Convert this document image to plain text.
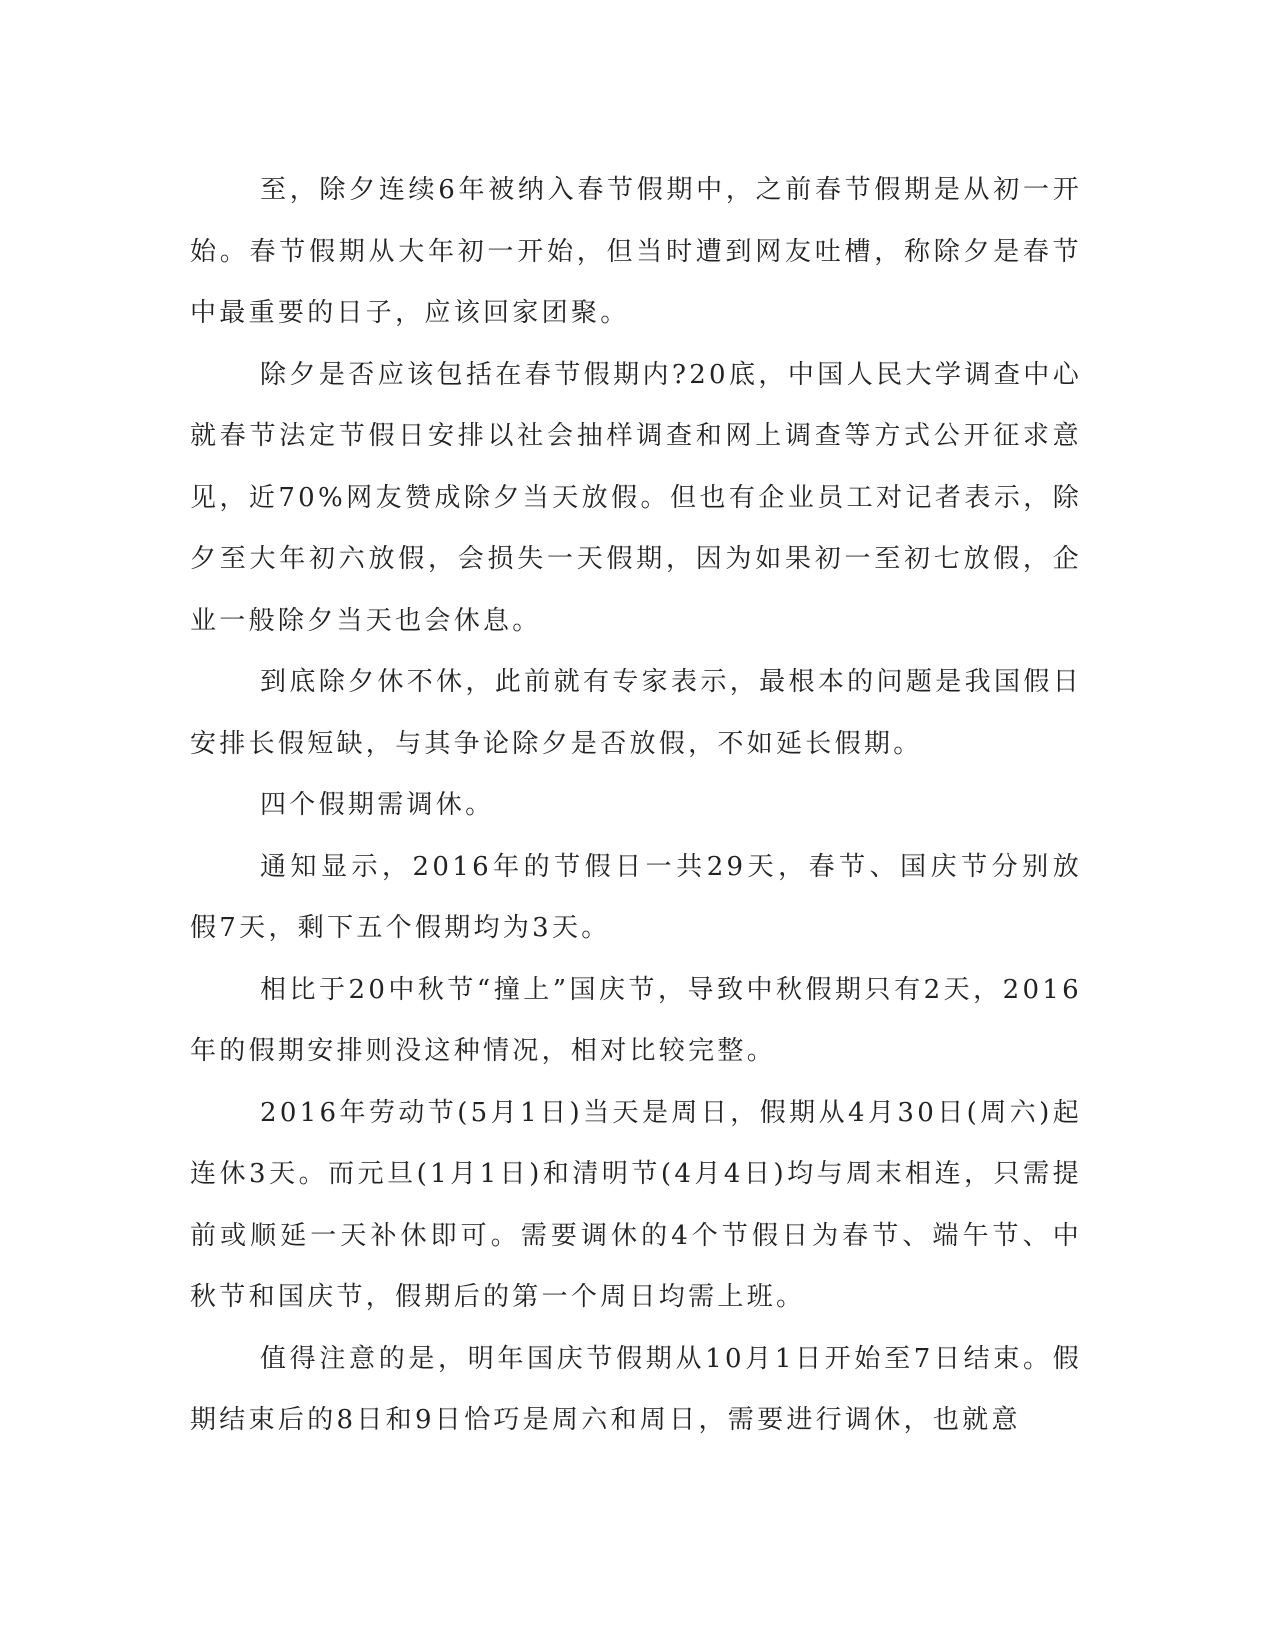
至，除夕连续6年被纳入春节假期中，之前春节假期是从初一开始。春节假期从大年初一开始，但当时遭到网友吐槽，称除夕是春节中最重要的日子，应该回家团聚。

除夕是否应该包括在春节假期内?20底，中国人民大学调查中心就春节法定节假日安排以社会抽样调查和网上调查等方式公开征求意见，近70%网友赞成除夕当天放假。但也有企业员工对记者表示，除夕至大年初六放假，会损失一天假期，因为如果初一至初七放假，企业一般除夕当天也会休息。

到底除夕休不休，此前就有专家表示，最根本的问题是我国假日安排长假短缺，与其争论除夕是否放假，不如延长假期。

四个假期需调休。

通知显示，2016年的节假日一共29天，春节、国庆节分别放假7天，剩下五个假期均为3天。

相比于20中秋节“撞上”国庆节，导致中秋假期只有2天，2016年的假期安排则没这种情况，相对比较完整。

2016年劳动节(5月1日)当天是周日，假期从4月30日(周六)起连休3天。而元旦(1月1日)和清明节(4月4日)均与周末相连，只需提前或顺延一天补休即可。需要调休的4个节假日为春节、端午节、中秋节和国庆节，假期后的第一个周日均需上班。

值得注意的是，明年国庆节假期从10月1日开始至7日结束。假期结束后的8日和9日恰巧是周六和周日，需要进行调休，也就意
